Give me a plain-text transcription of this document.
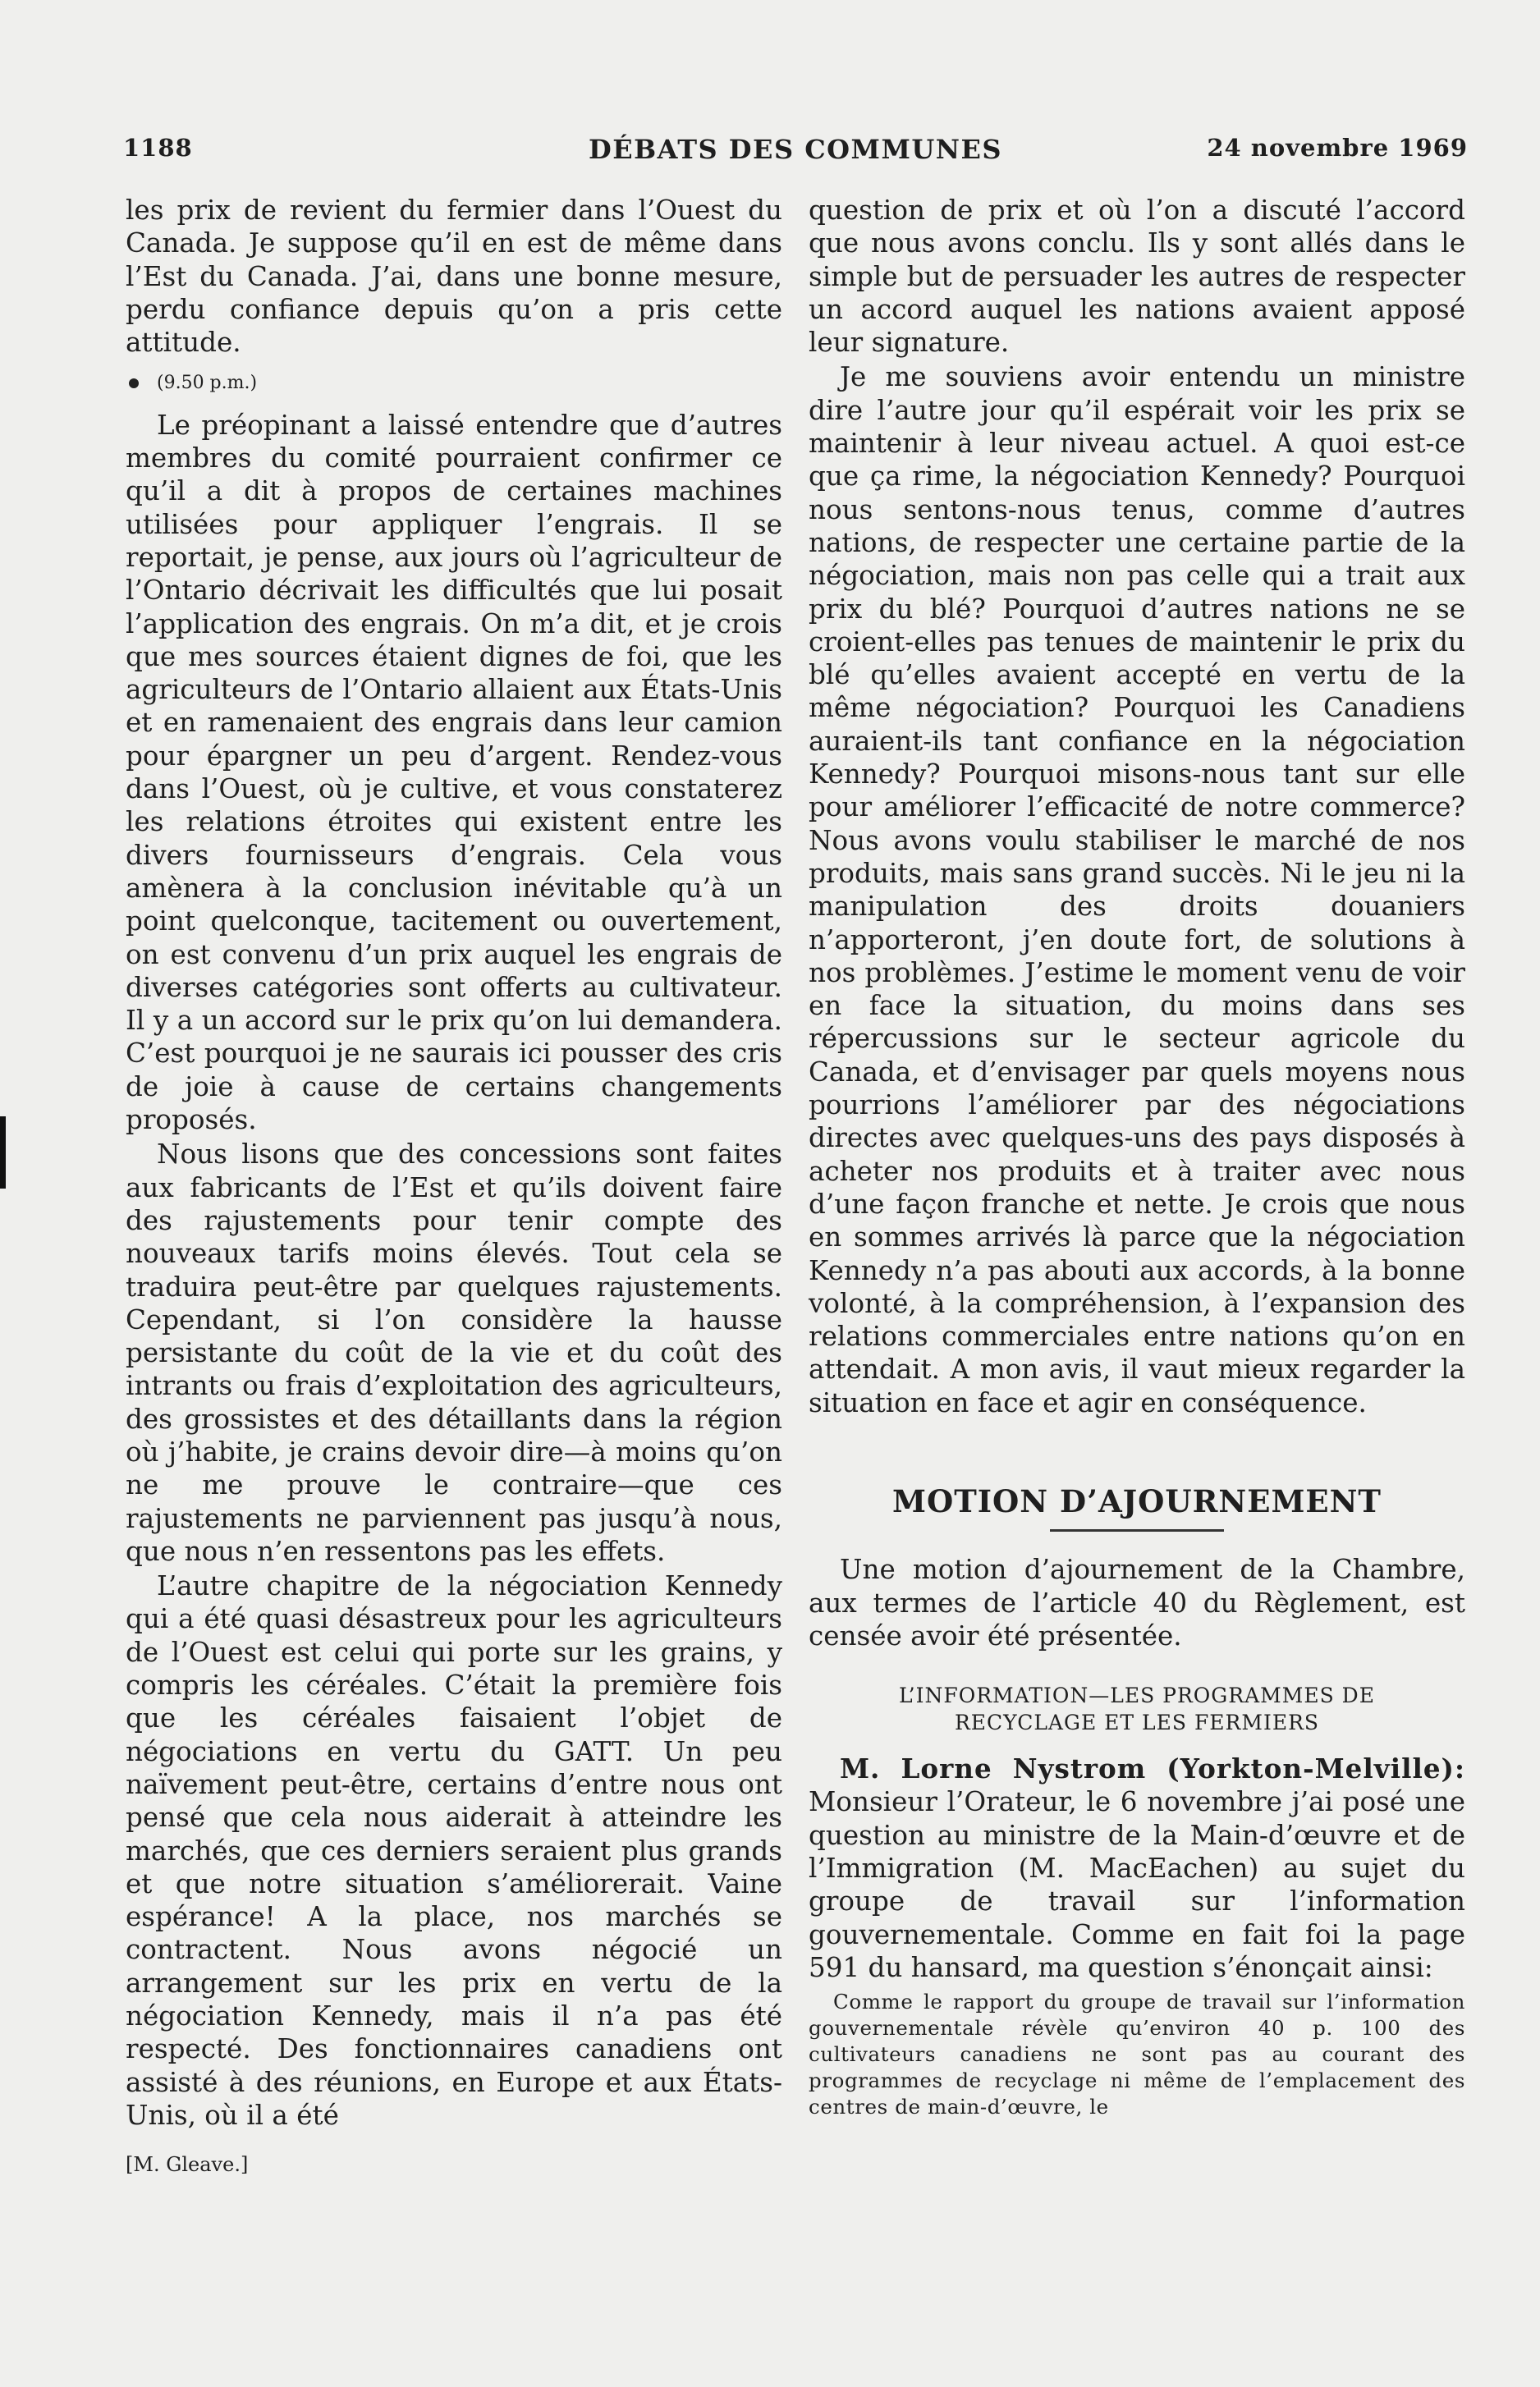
DÉBATS DES COMMUNES
1188	24 novembre 1969

les prix de revient du fermier dans l’Ouest du Canada. Je suppose qu’il en est de même dans l’Est du Canada. J’ai, dans une bonne mesure, perdu confiance depuis qu’on a pris cette attitude.

(9.50 p.m.)

Le préopinant a laissé entendre que d’autres membres du comité pourraient confirmer ce qu’il a dit à propos de certaines machines utilisées pour appliquer l’engrais. Il se reportait, je pense, aux jours où l’agriculteur de l’Ontario décrivait les difficultés que lui posait l’application des engrais. On m’a dit, et je crois que mes sources étaient dignes de foi, que les agriculteurs de l’Ontario allaient aux États-Unis et en ramenaient des engrais dans leur camion pour épargner un peu d’argent. Rendez-vous dans l’Ouest, où je cultive, et vous constaterez les relations étroites qui existent entre les divers fournisseurs d’engrais. Cela vous amènera à la conclusion inévitable qu’à un point quelconque, tacitement ou ouvertement, on est convenu d’un prix auquel les engrais de diverses catégories sont offerts au cultivateur. Il y a un accord sur le prix qu’on lui demandera. C’est pourquoi je ne saurais ici pousser des cris de joie à cause de certains changements proposés.

Nous lisons que des concessions sont faites aux fabricants de l’Est et qu’ils doivent faire des rajustements pour tenir compte des nouveaux tarifs moins élevés. Tout cela se traduira peut-être par quelques rajustements. Cependant, si l’on considère la hausse persistante du coût de la vie et du coût des intrants ou frais d’exploitation des agriculteurs, des grossistes et des détaillants dans la région où j’habite, je crains devoir dire—à moins qu’on ne me prouve le contraire—que ces rajustements ne parviennent pas jusqu’à nous, que nous n’en ressentons pas les effets.

L’autre chapitre de la négociation Kennedy qui a été quasi désastreux pour les agriculteurs de l’Ouest est celui qui porte sur les grains, y compris les céréales. C’était la première fois que les céréales faisaient l’objet de négociations en vertu du GATT. Un peu naïvement peut-être, certains d’entre nous ont pensé que cela nous aiderait à atteindre les marchés, que ces derniers seraient plus grands et que notre situation s’améliorerait. Vaine espérance! A la place, nos marchés se contractent. Nous avons négocié un arrangement sur les prix en vertu de la négociation Kennedy, mais il n’a pas été respecté. Des fonctionnaires canadiens ont assisté à des réunions, en Europe et aux États-Unis, où il a été

[M. Gleave.]

question de prix et où l’on a discuté l’accord que nous avons conclu. Ils y sont allés dans le simple but de persuader les autres de respecter un accord auquel les nations avaient apposé leur signature.

Je me souviens avoir entendu un ministre dire l’autre jour qu’il espérait voir les prix se maintenir à leur niveau actuel. A quoi est-ce que ça rime, la négociation Kennedy? Pourquoi nous sentons-nous tenus, comme d’autres nations, de respecter une certaine partie de la négociation, mais non pas celle qui a trait aux prix du blé? Pourquoi d’autres nations ne se croient-elles pas tenues de maintenir le prix du blé qu’elles avaient accepté en vertu de la même négociation? Pourquoi les Canadiens auraient-ils tant confiance en la négociation Kennedy? Pourquoi misons-nous tant sur elle pour améliorer l’efficacité de notre commerce? Nous avons voulu stabiliser le marché de nos produits, mais sans grand succès. Ni le jeu ni la manipulation des droits douaniers n’apporteront, j’en doute fort, de solutions à nos problèmes. J’estime le moment venu de voir en face la situation, du moins dans ses répercussions sur le secteur agricole du Canada, et d’envisager par quels moyens nous pourrions l’améliorer par des négociations directes avec quelques-uns des pays disposés à acheter nos produits et à traiter avec nous d’une façon franche et nette. Je crois que nous en sommes arrivés là parce que la négociation Kennedy n’a pas abouti aux accords, à la bonne volonté, à la compréhension, à l’expansion des relations commerciales entre nations qu’on en attendait. A mon avis, il vaut mieux regarder la situation en face et agir en conséquence.

MOTION D’AJOURNEMENT

Une motion d’ajournement de la Chambre, aux termes de l’article 40 du Règlement, est censée avoir été présentée.

L’INFORMATION—LES PROGRAMMES DE
RECYCLAGE ET LES FERMIERS

M. Lorne Nystrom (Yorkton-Melville): Monsieur l’Orateur, le 6 novembre j’ai posé une question au ministre de la Main-d’œuvre et de l’Immigration (M. MacEachen) au sujet du groupe de travail sur l’information gouvernementale. Comme en fait foi la page 591 du hansard, ma question s’énonçait ainsi:

Comme le rapport du groupe de travail sur l’information gouvernementale révèle qu’environ 40 p. 100 des cultivateurs canadiens ne sont pas au courant des programmes de recyclage ni même de l’emplacement des centres de main-d’œuvre, le
